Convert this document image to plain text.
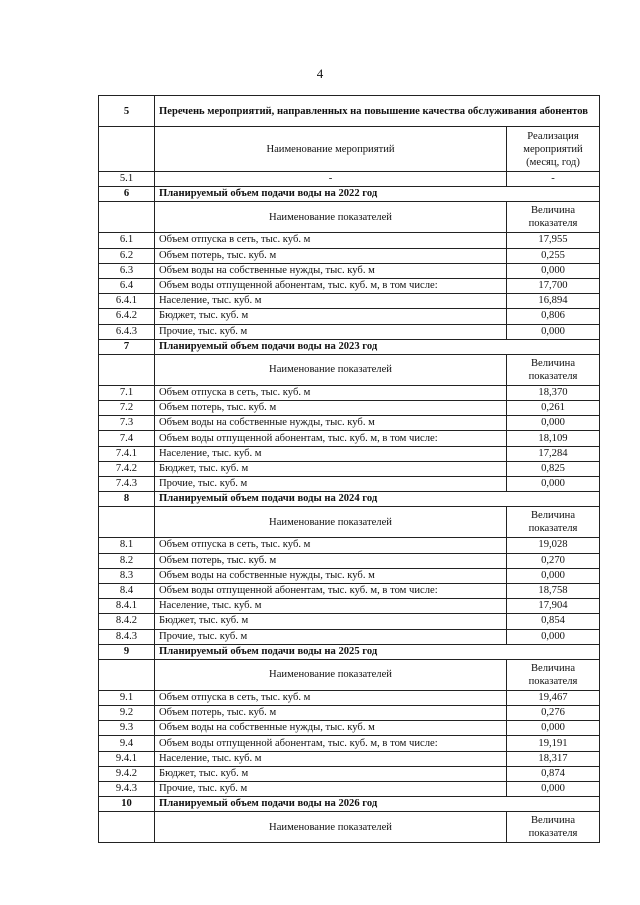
4
5	Перечень мероприятий, направленных на повышение качества обслуживания абонентов	
	Наименование мероприятий	Реализация мероприятий (месяц, год)
5.1	-	-
6	Планируемый объем подачи воды на 2022 год	
	Наименование показателей	Величина показателя
6.1	Объем отпуска в сеть, тыс. куб. м	17,955
6.2	Объем потерь, тыс. куб. м	0,255
6.3	Объем воды на собственные нужды, тыс. куб. м	0,000
6.4	Объем воды отпущенной абонентам, тыс. куб. м, в том числе:	17,700
6.4.1	Население, тыс. куб. м	16,894
6.4.2	Бюджет, тыс. куб. м	0,806
6.4.3	Прочие, тыс. куб. м	0,000
7	Планируемый объем подачи воды на 2023 год	
	Наименование показателей	Величина показателя
7.1	Объем отпуска в сеть, тыс. куб. м	18,370
7.2	Объем потерь, тыс. куб. м	0,261
7.3	Объем воды на собственные нужды, тыс. куб. м	0,000
7.4	Объем воды отпущенной абонентам, тыс. куб. м, в том числе:	18,109
7.4.1	Население, тыс. куб. м	17,284
7.4.2	Бюджет, тыс. куб. м	0,825
7.4.3	Прочие, тыс. куб. м	0,000
8	Планируемый объем подачи воды на 2024 год	
	Наименование показателей	Величина показателя
8.1	Объем отпуска в сеть, тыс. куб. м	19,028
8.2	Объем потерь, тыс. куб. м	0,270
8.3	Объем воды на собственные нужды, тыс. куб. м	0,000
8.4	Объем воды отпущенной абонентам, тыс. куб. м, в том числе:	18,758
8.4.1	Население, тыс. куб. м	17,904
8.4.2	Бюджет, тыс. куб. м	0,854
8.4.3	Прочие, тыс. куб. м	0,000
9	Планируемый объем подачи воды на 2025 год	
	Наименование показателей	Величина показателя
9.1	Объем отпуска в сеть, тыс. куб. м	19,467
9.2	Объем потерь, тыс. куб. м	0,276
9.3	Объем воды на собственные нужды, тыс. куб. м	0,000
9.4	Объем воды отпущенной абонентам, тыс. куб. м, в том числе:	19,191
9.4.1	Население, тыс. куб. м	18,317
9.4.2	Бюджет, тыс. куб. м	0,874
9.4.3	Прочие, тыс. куб. м	0,000
10	Планируемый объем подачи воды на 2026 год	
	Наименование показателей	Величина показателя
